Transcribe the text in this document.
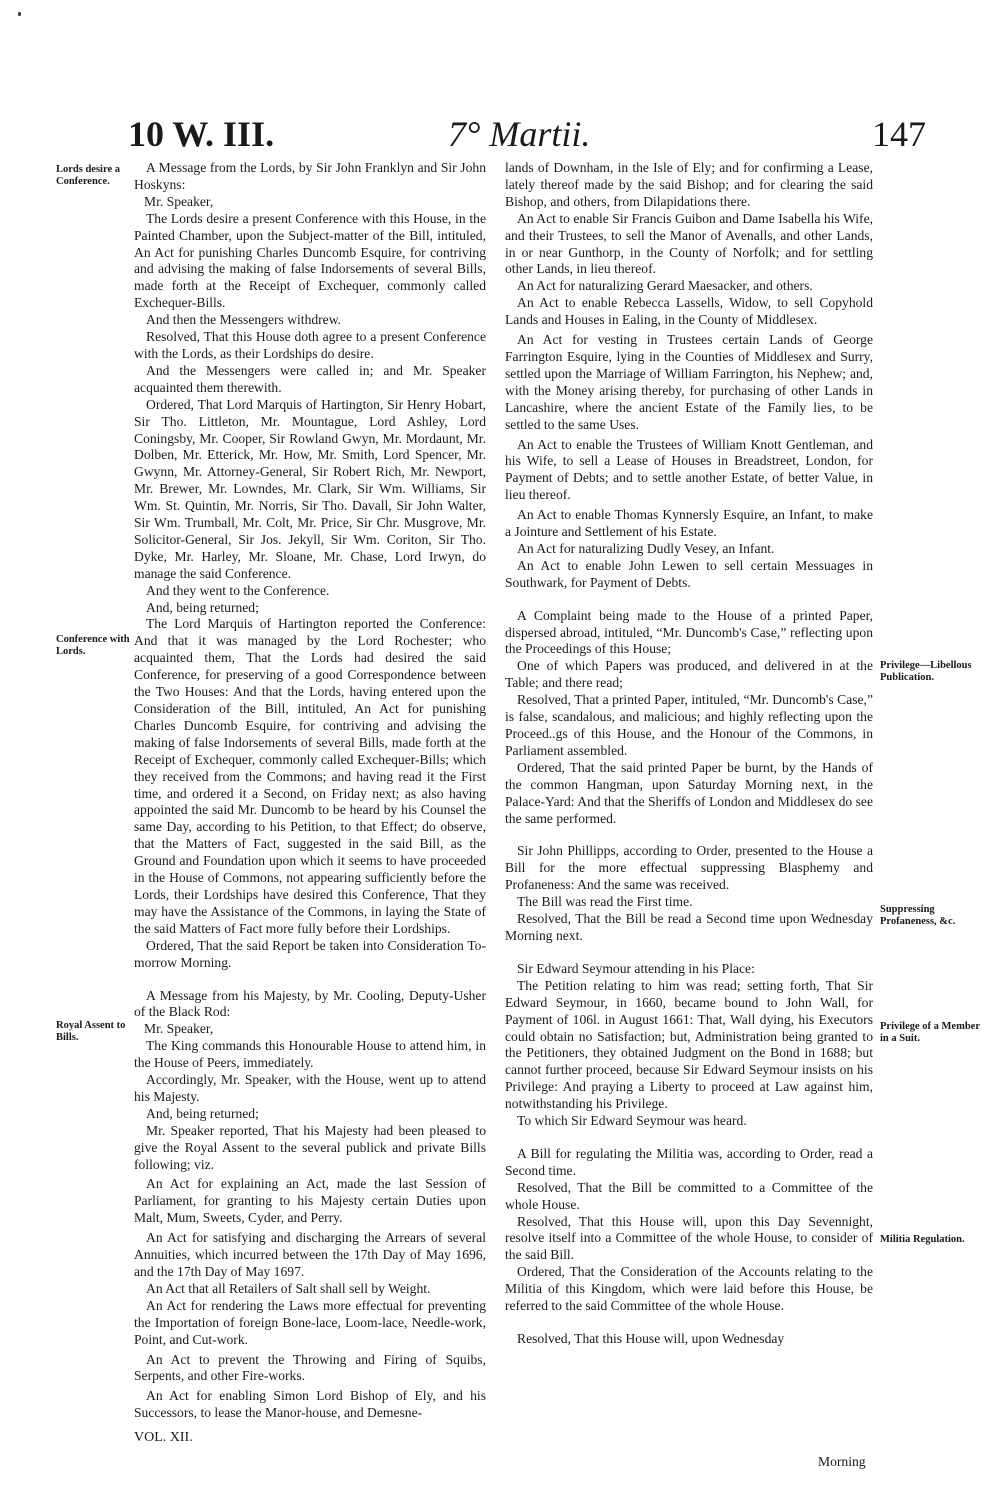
10 W. III.	7° Martii.	147
Lords desire a Conference.
Conference with Lords.
Royal Assent to Bills.
Privilege—Libellous Publication.
Suppressing Profaneness, &c.
Privilege of a Member in a Suit.
Militia Regulation.

A Message from the Lords, by Sir John Franklyn and Sir John Hoskyns:

Mr. Speaker,

The Lords desire a present Conference with this House, in the Painted Chamber, upon the Subject-matter of the Bill, intituled, An Act for punishing Charles Duncomb Esquire, for contriving and advising the making of false Indorsements of several Bills, made forth at the Receipt of Exchequer, commonly called Exchequer-Bills.

And then the Messengers withdrew.

Resolved, That this House doth agree to a present Conference with the Lords, as their Lordships do desire.

And the Messengers were called in; and Mr. Speaker acquainted them therewith.

Ordered, That Lord Marquis of Hartington, Sir Henry Hobart, Sir Tho. Littleton, Mr. Mountague, Lord Ashley, Lord Coningsby, Mr. Cooper, Sir Rowland Gwyn, Mr. Mordaunt, Mr. Dolben, Mr. Etterick, Mr. How, Mr. Smith, Lord Spencer, Mr. Gwynn, Mr. Attorney-General, Sir Robert Rich, Mr. Newport, Mr. Brewer, Mr. Lowndes, Mr. Clark, Sir Wm. Williams, Sir Wm. St. Quintin, Mr. Norris, Sir Tho. Davall, Sir John Walter, Sir Wm. Trumball, Mr. Colt, Mr. Price, Sir Chr. Musgrove, Mr. Solicitor-General, Sir Jos. Jekyll, Sir Wm. Coriton, Sir Tho. Dyke, Mr. Harley, Mr. Sloane, Mr. Chase, Lord Irwyn, do manage the said Conference.

And they went to the Conference.

And, being returned;

The Lord Marquis of Hartington reported the Conference: And that it was managed by the Lord Rochester; who acquainted them, That the Lords had desired the said Conference, for preserving of a good Correspondence between the Two Houses: And that the Lords, having entered upon the Consideration of the Bill, intituled, An Act for punishing Charles Duncomb Esquire, for contriving and advising the making of false Indorsements of several Bills, made forth at the Receipt of Exchequer, commonly called Exchequer-Bills; which they received from the Commons; and having read it the First time, and ordered it a Second, on Friday next; as also having appointed the said Mr. Duncomb to be heard by his Counsel the same Day, according to his Petition, to that Effect; do observe, that the Matters of Fact, suggested in the said Bill, as the Ground and Foundation upon which it seems to have proceeded in the House of Commons, not appearing sufficiently before the Lords, their Lordships have desired this Conference, That they may have the Assistance of the Commons, in laying the State of the said Matters of Fact more fully before their Lordships.

Ordered, That the said Report be taken into Consideration To-morrow Morning.

A Message from his Majesty, by Mr. Cooling, Deputy-Usher of the Black Rod:

Mr. Speaker,

The King commands this Honourable House to attend him, in the House of Peers, immediately.

Accordingly, Mr. Speaker, with the House, went up to attend his Majesty.

And, being returned;

Mr. Speaker reported, That his Majesty had been pleased to give the Royal Assent to the several publick and private Bills following; viz.

An Act for explaining an Act, made the last Session of Parliament, for granting to his Majesty certain Duties upon Malt, Mum, Sweets, Cyder, and Perry.

An Act for satisfying and discharging the Arrears of several Annuities, which incurred between the 17th Day of May 1696, and the 17th Day of May 1697.

An Act that all Retailers of Salt shall sell by Weight.

An Act for rendering the Laws more effectual for preventing the Importation of foreign Bone-lace, Loom-lace, Needle-work, Point, and Cut-work.

An Act to prevent the Throwing and Firing of Squibs, Serpents, and other Fire-works.

An Act for enabling Simon Lord Bishop of Ely, and his Successors, to lease the Manor-house, and Demesne-

lands of Downham, in the Isle of Ely; and for confirming a Lease, lately thereof made by the said Bishop; and for clearing the said Bishop, and others, from Dilapidations there.

An Act to enable Sir Francis Guibon and Dame Isabella his Wife, and their Trustees, to sell the Manor of Avenalls, and other Lands, in or near Gunthorp, in the County of Norfolk; and for settling other Lands, in lieu thereof.

An Act for naturalizing Gerard Maesacker, and others.

An Act to enable Rebecca Lassells, Widow, to sell Copyhold Lands and Houses in Ealing, in the County of Middlesex.

An Act for vesting in Trustees certain Lands of George Farrington Esquire, lying in the Counties of Middlesex and Surry, settled upon the Marriage of William Farrington, his Nephew; and, with the Money arising thereby, for purchasing of other Lands in Lancashire, where the ancient Estate of the Family lies, to be settled to the same Uses.

An Act to enable the Trustees of William Knott Gentleman, and his Wife, to sell a Lease of Houses in Breadstreet, London, for Payment of Debts; and to settle another Estate, of better Value, in lieu thereof.

An Act to enable Thomas Kynnersly Esquire, an Infant, to make a Jointure and Settlement of his Estate.

An Act for naturalizing Dudly Vesey, an Infant.

An Act to enable John Lewen to sell certain Messuages in Southwark, for Payment of Debts.

A Complaint being made to the House of a printed Paper, dispersed abroad, intituled, “Mr. Duncomb's Case,” reflecting upon the Proceedings of this House;

One of which Papers was produced, and delivered in at the Table; and there read;

Resolved, That a printed Paper, intituled, “Mr. Duncomb's Case,” is false, scandalous, and malicious; and highly reflecting upon the Proceed..gs of this House, and the Honour of the Commons, in Parliament assembled.

Ordered, That the said printed Paper be burnt, by the Hands of the common Hangman, upon Saturday Morning next, in the Palace-Yard: And that the Sheriffs of London and Middlesex do see the same performed.

Sir John Phillipps, according to Order, presented to the House a Bill for the more effectual suppressing Blasphemy and Profaneness: And the same was received.

The Bill was read the First time.

Resolved, That the Bill be read a Second time upon Wednesday Morning next.

Sir Edward Seymour attending in his Place:

The Petition relating to him was read; setting forth, That Sir Edward Seymour, in 1660, became bound to John Wall, for Payment of 106l. in August 1661: That, Wall dying, his Executors could obtain no Satisfaction; but, Administration being granted to the Petitioners, they obtained Judgment on the Bond in 1688; but cannot further proceed, because Sir Edward Seymour insists on his Privilege: And praying a Liberty to proceed at Law against him, notwithstanding his Privilege.

To which Sir Edward Seymour was heard.

A Bill for regulating the Militia was, according to Order, read a Second time.

Resolved, That the Bill be committed to a Committee of the whole House.

Resolved, That this House will, upon this Day Sevennight, resolve itself into a Committee of the whole House, to consider of the said Bill.

Ordered, That the Consideration of the Accounts relating to the Militia of this Kingdom, which were laid before this House, be referred to the said Committee of the whole House.

Resolved, That this House will, upon Wednesday

VOL. XII.
Morning
